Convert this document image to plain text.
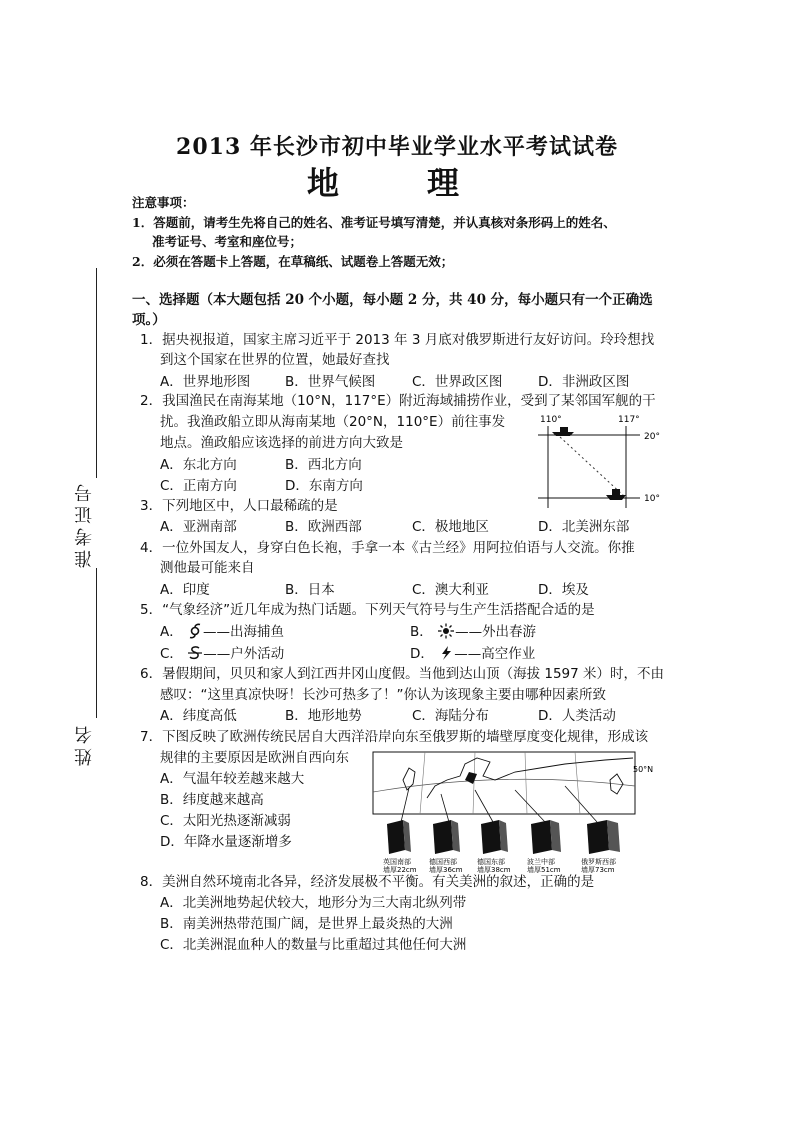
2013 年长沙市初中毕业学业水平考试试卷
地　理
注意事项：
1．答题前，请考生先将自己的姓名、准考证号填写清楚，并认真核对条形码上的姓名、
准考证号、考室和座位号；
2．必须在答题卡上答题，在草稿纸、试题卷上答题无效；
准考证号
姓名
一、选择题（本大题包括 20 个小题，每小题 2 分，共 40 分，每小题只有一个正确选
项。）
1．据央视报道，国家主席习近平于 2013 年 3 月底对俄罗斯进行友好访问。玲玲想找
到这个国家在世界的位置，她最好查找
A．世界地形图	B．世界气候图	C．世界政区图	D．非洲政区图
2．我国渔民在南海某地（10°N，117°E）附近海域捕捞作业，受到了某邻国军舰的干
扰。我渔政船立即从海南某地（20°N，110°E）前往事发
地点。渔政船应该选择的前进方向大致是
A．东北方向	B．西北方向
C．正南方向	D．东南方向
110°	117°
20°
10°
3．下列地区中，人口最稀疏的是
A．亚洲南部	B．欧洲西部	C．极地地区	D．北美洲东部
4．一位外国友人，身穿白色长袍，手拿一本《古兰经》用阿拉伯语与人交流。你推
测他最可能来自
A．印度	B．日本	C．澳大利亚	D．埃及
5．“气象经济”近几年成为热门话题。下列天气符号与生产生活搭配合适的是
A． ——出海捕鱼	B． ——外出春游
C． ——户外活动	D． ——高空作业
6．暑假期间，贝贝和家人到江西井冈山度假。当他到达山顶（海拔 1597 米）时，不由
感叹：“这里真凉快呀！长沙可热多了！”你认为该现象主要由哪种因素所致
A．纬度高低	B．地形地势	C．海陆分布	D．人类活动
7．下图反映了欧洲传统民居自大西洋沿岸向东至俄罗斯的墙壁厚度变化规律，形成该
规律的主要原因是欧洲自西向东
A．气温年较差越来越大
B．纬度越来越高
C．太阳光热逐渐减弱
D．年降水量逐渐增多
50°N
英国南部
墙厚22cm
德国西部
墙厚36cm
德国东部
墙厚38cm
波兰中部
墙厚51cm
俄罗斯西部
墙厚73cm
8．美洲自然环境南北各异，经济发展极不平衡。有关美洲的叙述，正确的是
A．北美洲地势起伏较大，地形分为三大南北纵列带
B．南美洲热带范围广阔，是世界上最炎热的大洲
C．北美洲混血种人的数量与比重超过其他任何大洲
